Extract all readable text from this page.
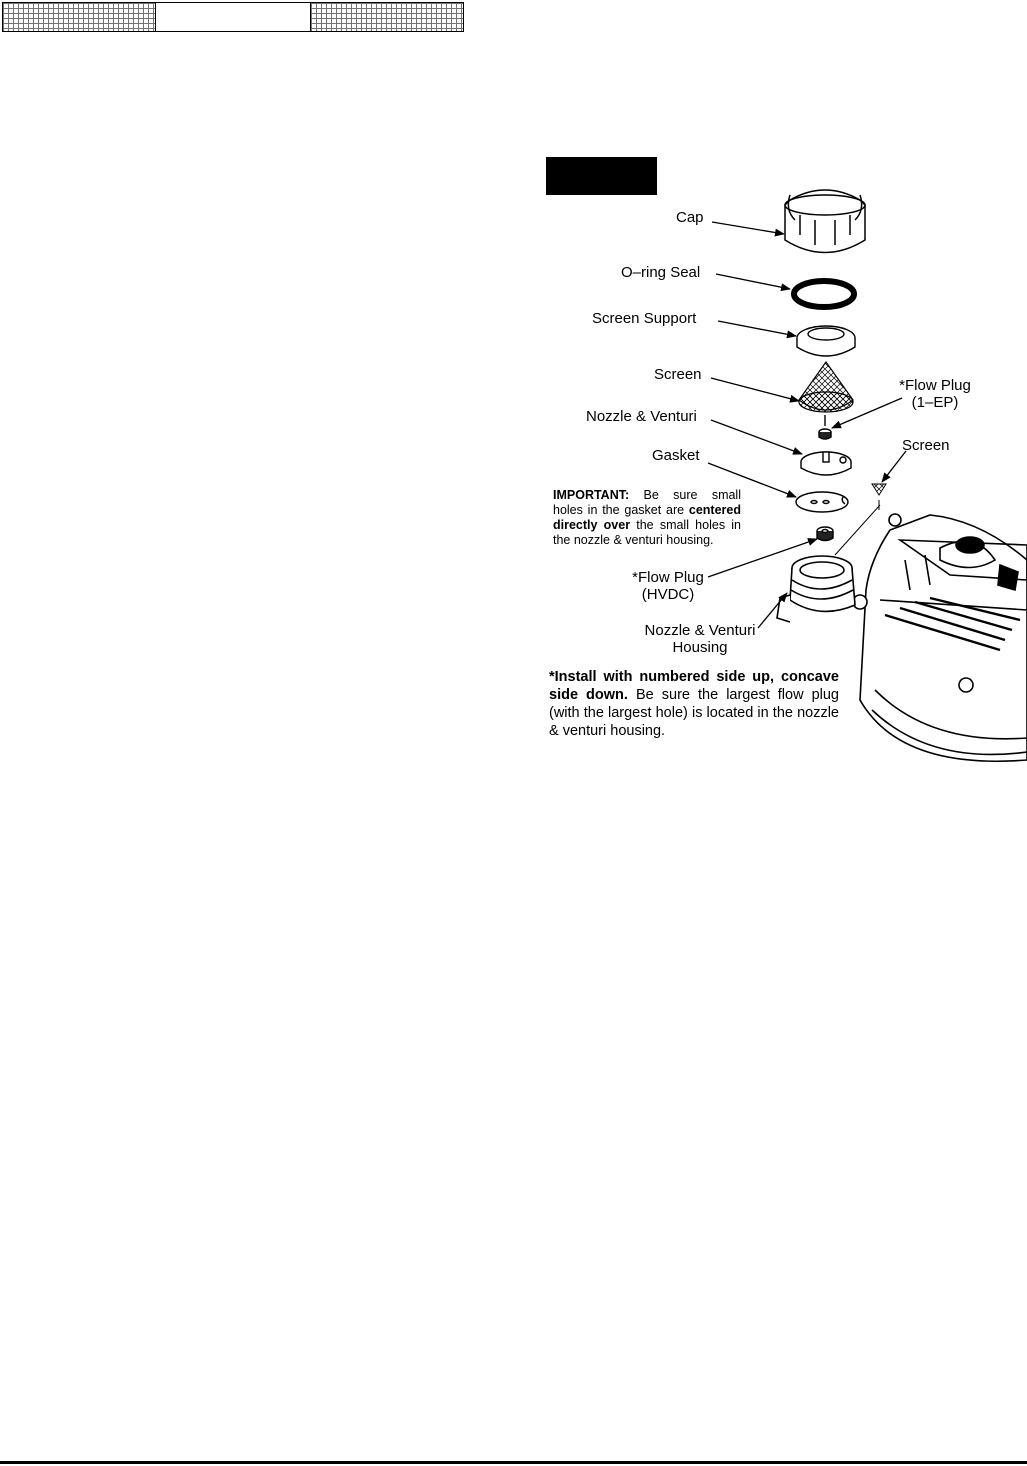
Cap
O–ring Seal
Screen Support
Screen
*Flow Plug
(1–EP)
Nozzle & Venturi
Screen
Gasket
*Flow Plug
(HVDC)
Nozzle & Venturi
Housing
IMPORTANT: Be sure small holes in the gasket are centered directly over the small holes in the nozzle & venturi housing.
*Install with numbered side up, concave side down. Be sure the largest flow plug (with the largest hole) is located in the nozzle & venturi housing.
